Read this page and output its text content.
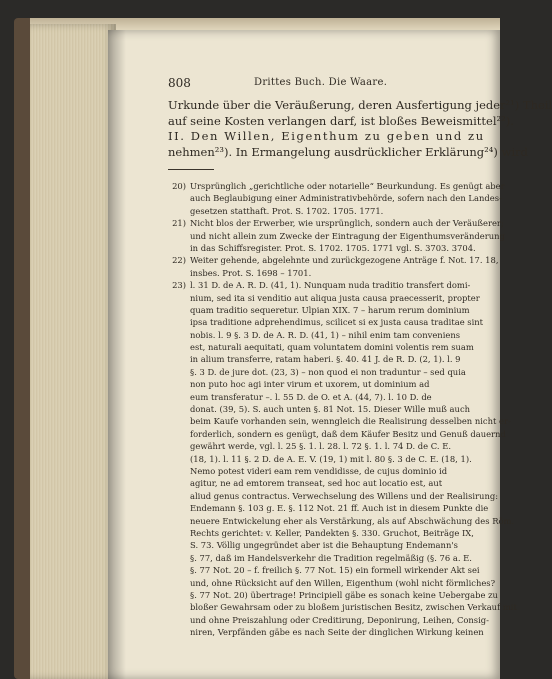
808	Drittes Buch. Die Waare.
Urkunde über die Veräußerung, deren Ausfertigung jeder²¹) Theil
auf seine Kosten verlangen darf, ist bloßes Beweismittel²²).
II. Den Willen, Eigenthum zu geben und zu
nehmen²³). In Ermangelung ausdrücklicher Erklärung²⁴) wird
20) Ursprünglich „gerichtliche oder notarielle“ Beurkundung. Es genügt aber
auch Beglaubigung einer Administrativbehörde, sofern nach den Landes-
gesetzen statthaft. Prot. S. 1702. 1705. 1771.
21) Nicht blos der Erwerber, wie ursprünglich, sondern auch der Veräußerer;
und nicht allein zum Zwecke der Eintragung der Eigenthumsveränderung
in das Schiffsregister. Prot. S. 1702. 1705. 1771 vgl. S. 3703. 3704.
22) Weiter gehende, abgelehnte und zurückgezogene Anträge f. Not. 17. 18,
insbes. Prot. S. 1698 – 1701.
23) l. 31 D. de A. R. D. (41, 1). Nunquam nuda traditio transfert domi-
nium, sed ita si venditio aut aliqua justa causa praecesserit, propter
quam traditio sequeretur. Ulpian XIX. 7 – harum rerum dominium
ipsa traditione adprehendimus, scilicet si ex justa causa traditae sint
nobis. l. 9 §. 3 D. de A. R. D. (41, 1) – nihil enim tam conveniens
est, naturali aequitati, quam voluntatem domini volentis rem suam
in alium transferre, ratam haberi. §. 40. 41 J. de R. D. (2, 1). l. 9
§. 3 D. de jure dot. (23, 3) – non quod ei non traduntur – sed quia
non puto hoc agi inter virum et uxorem, ut dominium ad
eum transferatur –. l. 55 D. de O. et A. (44, 7). l. 10 D. de
donat. (39, 5). S. auch unten §. 81 Not. 15. Dieser Wille muß auch
beim Kaufe vorhanden sein, wenngleich die Realisirung desselben nicht er-
forderlich, sondern es genügt, daß dem Käufer Besitz und Genuß dauernd
gewährt werde, vgl. l. 25 §. 1. l. 28. l. 72 §. 1. l. 74 D. de C. E.
(18, 1). l. 11 §. 2 D. de A. E. V. (19, 1) mit l. 80 §. 3 de C. E. (18, 1).
Nemo potest videri eam rem vendidisse, de cujus dominio id
agitur, ne ad emtorem transeat, sed hoc aut locatio est, aut
aliud genus contractus. Verwechselung des Willens und der Realisirung:
Endemann §. 103 g. E. §. 112 Not. 21 ff. Auch ist in diesem Punkte die
neuere Entwickelung eher als Verstärkung, als auf Abschwächung des Röm.
Rechts gerichtet: v. Keller, Pandekten §. 330. Gruchot, Beiträge IX,
S. 73. Völlig ungegründet aber ist die Behauptung Endemann's
§. 77, daß im Handelsverkehr die Tradition regelmäßig (§. 76 a. E.
§. 77 Not. 20 – f. freilich §. 77 Not. 15) ein formell wirkender Akt sei
und, ohne Rücksicht auf den Willen, Eigenthum (wohl nicht förmliches?
§. 77 Not. 20) übertrage! Principiell gäbe es sonach keine Uebergabe zu
bloßer Gewahrsam oder zu bloßem juristischen Besitz, zwischen Verkauf mit
und ohne Preiszahlung oder Creditirung, Deponirung, Leihen, Consig-
niren, Verpfänden gäbe es nach Seite der dinglichen Wirkung keinen
